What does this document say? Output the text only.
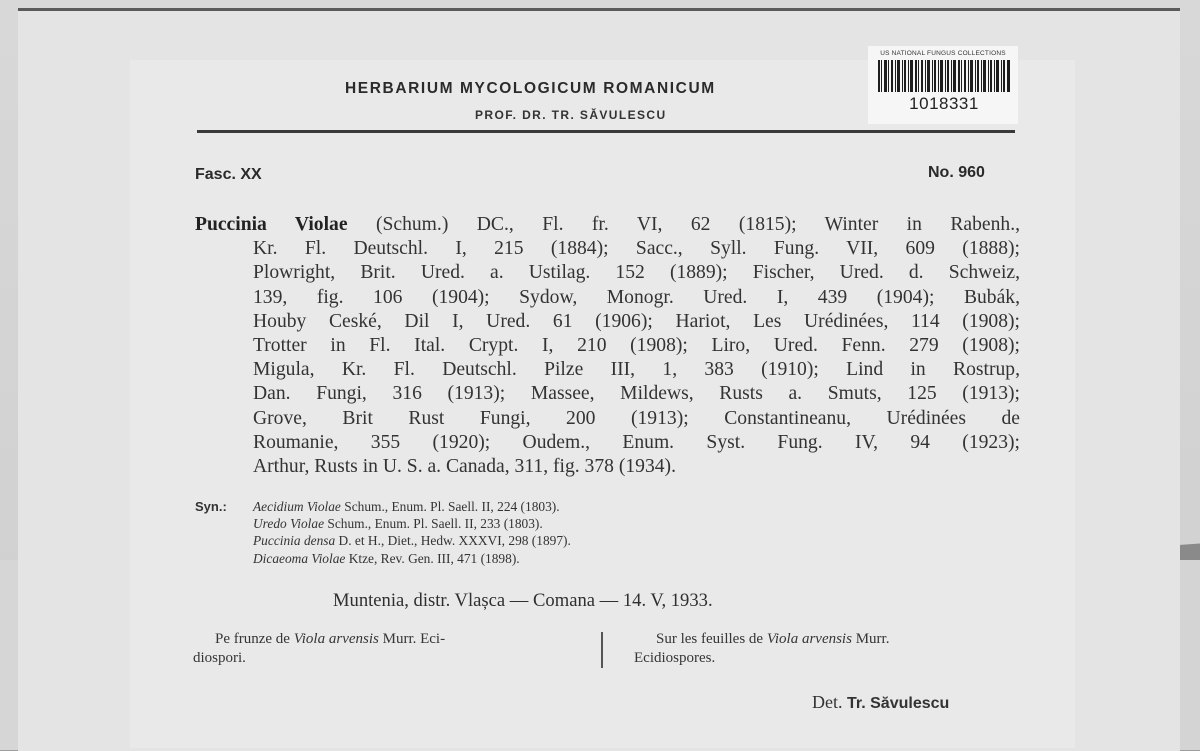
HERBARIUM MYCOLOGICUM ROMANICUM
PROF. DR. TR. SĂVULESCU
US NATIONAL FUNGUS COLLECTIONS
1018331
Fasc. XX	No. 960
Puccinia Violae (Schum.) DC., Fl. fr. VI, 62 (1815); Winter in Rabenh.,
Kr. Fl. Deutschl. I, 215 (1884); Sacc., Syll. Fung. VII, 609 (1888);
Plowright, Brit. Ured. a. Ustilag. 152 (1889); Fischer, Ured. d. Schweiz,
139, fig. 106 (1904); Sydow, Monogr. Ured. I, 439 (1904); Bubák,
Houby Ceské, Dil I, Ured. 61 (1906); Hariot, Les Urédinées, 114 (1908);
Trotter in Fl. Ital. Crypt. I, 210 (1908); Liro, Ured. Fenn. 279 (1908);
Migula, Kr. Fl. Deutschl. Pilze III, 1, 383 (1910); Lind in Rostrup,
Dan. Fungi, 316 (1913); Massee, Mildews, Rusts a. Smuts, 125 (1913);
Grove, Brit Rust Fungi, 200 (1913); Constantineanu, Urédinées de
Roumanie, 355 (1920); Oudem., Enum. Syst. Fung. IV, 94 (1923);
Arthur, Rusts in U. S. a. Canada, 311, fig. 378 (1934).
Syn.: Aecidium Violae Schum., Enum. Pl. Saell. II, 224 (1803).
Uredo Violae Schum., Enum. Pl. Saell. II, 233 (1803).
Puccinia densa D. et H., Diet., Hedw. XXXVI, 298 (1897).
Dicaeoma Violae Ktze, Rev. Gen. III, 471 (1898).
Muntenia, distr. Vlașca — Comana — 14. V, 1933.
Pe frunze de Viola arvensis Murr. Eci-
diospori.
Sur les feuilles de Viola arvensis Murr.
Ecidiospores.
Det. Tr. Săvulescu
